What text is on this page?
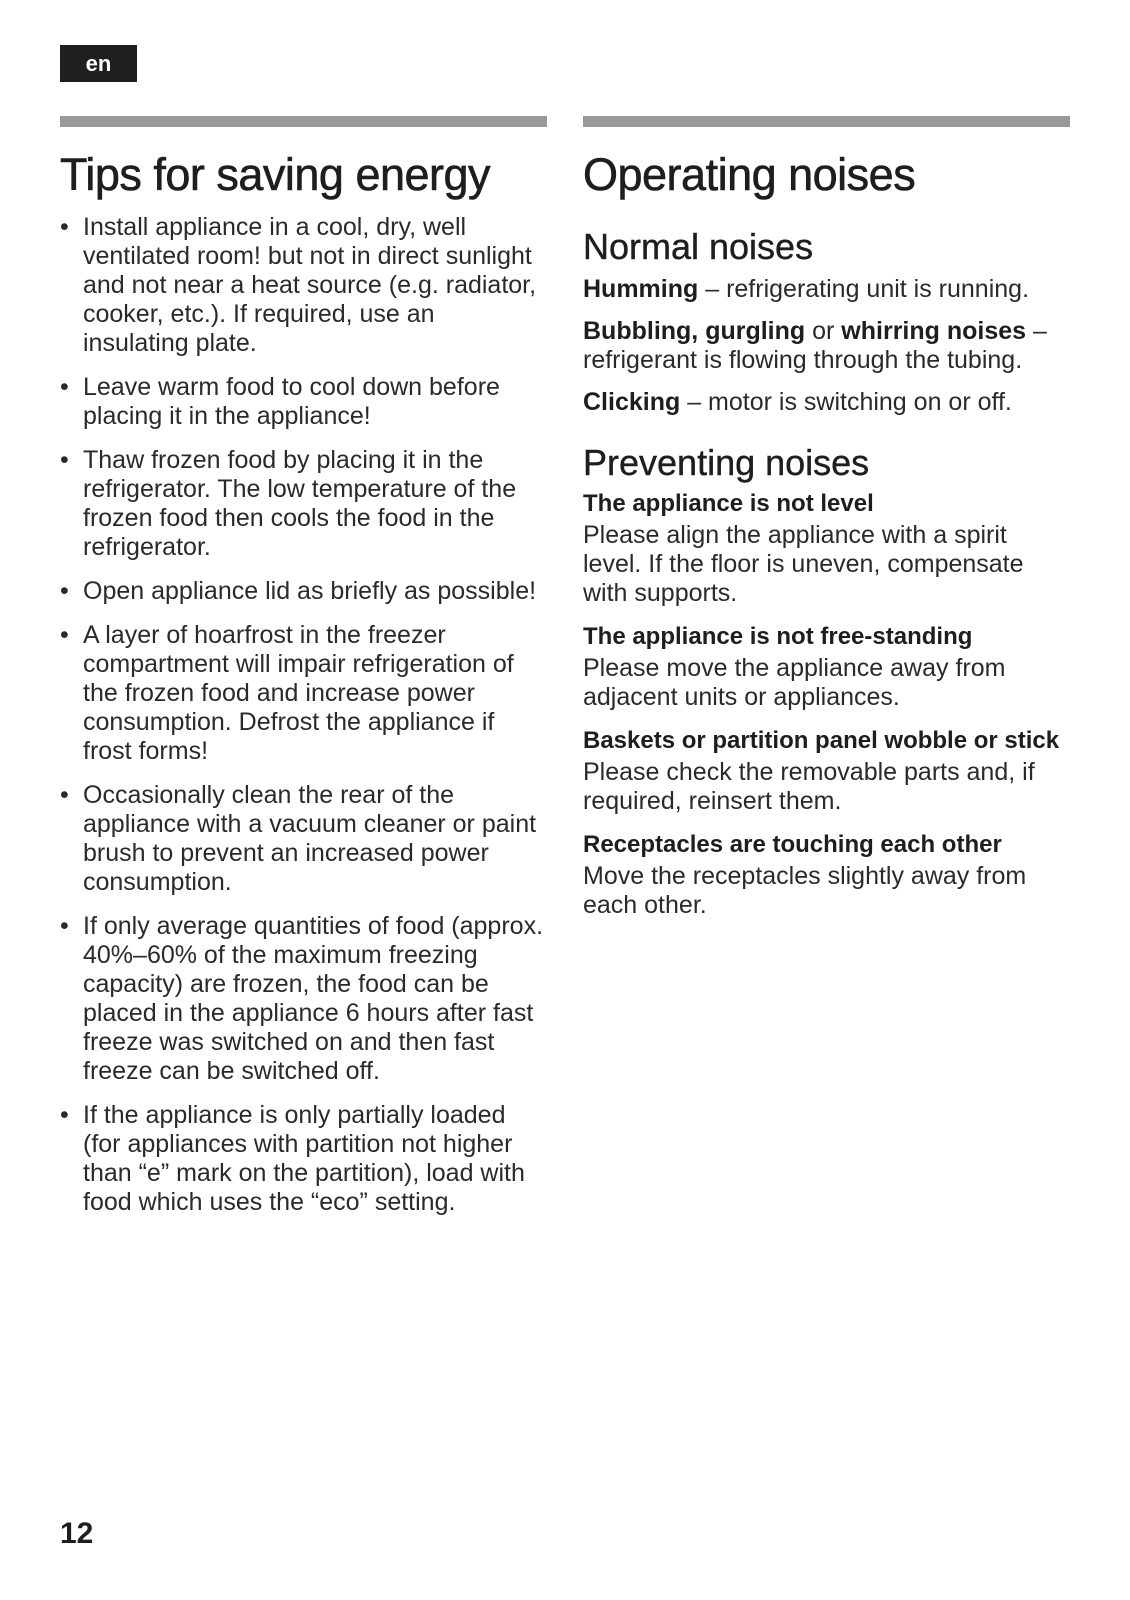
en
Tips for saving energy
• Install appliance in a cool, dry, well ventilated room! but not in direct sunlight and not near a heat source (e.g. radiator, cooker, etc.). If required, use an insulating plate.
• Leave warm food to cool down before placing it in the appliance!
• Thaw frozen food by placing it in the refrigerator. The low temperature of the frozen food then cools the food in the refrigerator.
• Open appliance lid as briefly as possible!
• A layer of hoarfrost in the freezer compartment will impair refrigeration of the frozen food and increase power consumption. Defrost the appliance if frost forms!
• Occasionally clean the rear of the appliance with a vacuum cleaner or paint brush to prevent an increased power consumption.
• If only average quantities of food (approx. 40%–60% of the maximum freezing capacity) are frozen, the food can be placed in the appliance 6 hours after fast freeze was switched on and then fast freeze can be switched off.
• If the appliance is only partially loaded (for appliances with partition not higher than “e” mark on the partition), load with food which uses the “eco” setting.
Operating noises
Normal noises

Humming – refrigerating unit is running.

Bubbling, gurgling or whirring noises – refrigerant is flowing through the tubing.

Clicking – motor is switching on or off.

Preventing noises
The appliance is not level

Please align the appliance with a spirit level. If the floor is uneven, compensate with supports.

The appliance is not free-standing

Please move the appliance away from adjacent units or appliances.

Baskets or partition panel wobble or stick

Please check the removable parts and, if required, reinsert them.

Receptacles are touching each other

Move the receptacles slightly away from each other.

12
